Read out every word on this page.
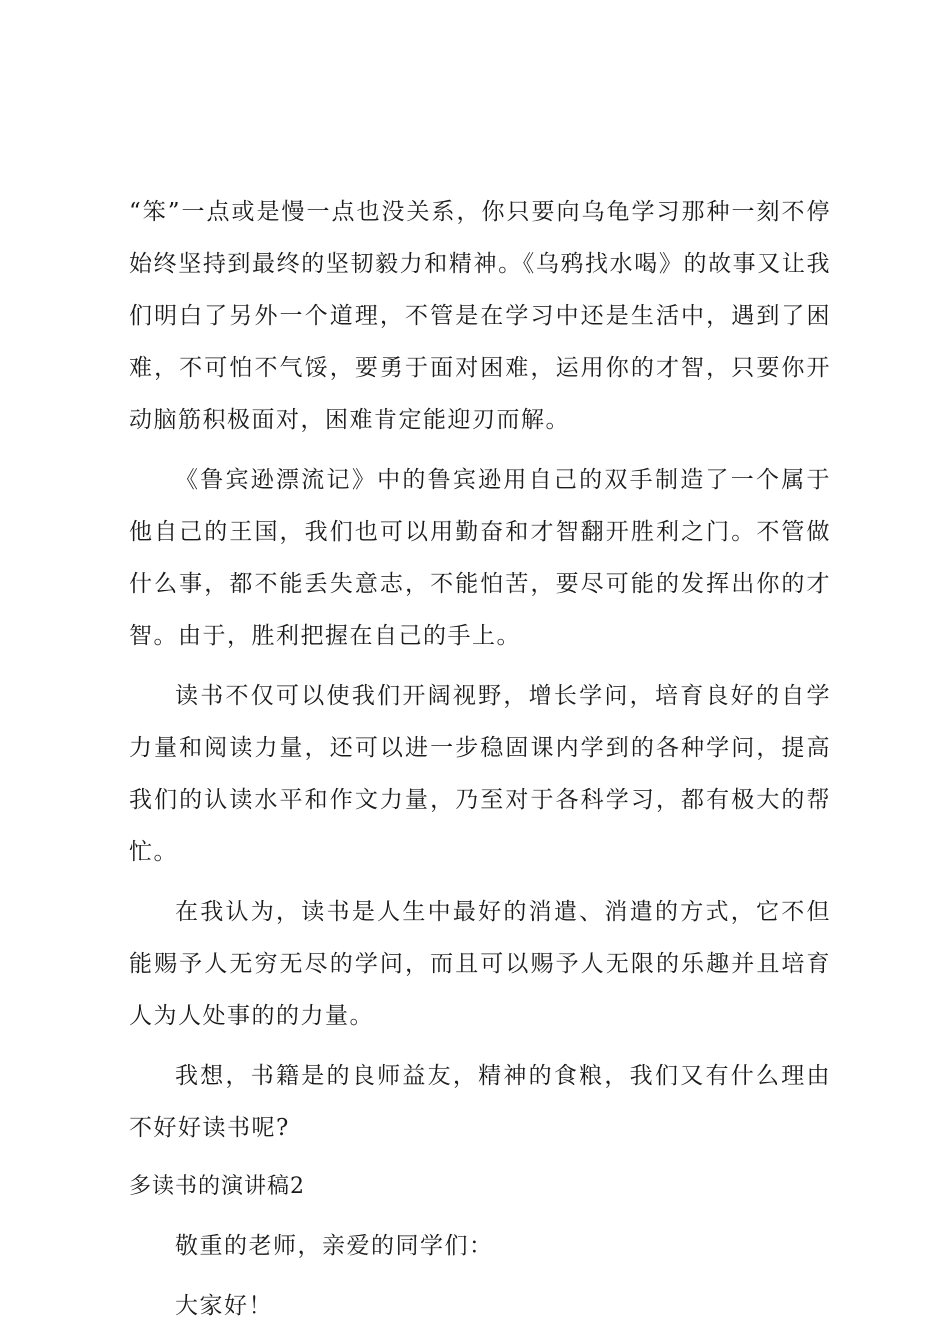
“笨”一点或是慢一点也没关系，你只要向乌龟学习那种一刻不停始终坚持到最终的坚韧毅力和精神。《乌鸦找水喝》的故事又让我们明白了另外一个道理，不管是在学习中还是生活中，遇到了困难，不可怕不气馁，要勇于面对困难，运用你的才智，只要你开动脑筋积极面对，困难肯定能迎刃而解。

《鲁宾逊漂流记》中的鲁宾逊用自己的双手制造了一个属于他自己的王国，我们也可以用勤奋和才智翻开胜利之门。不管做什么事，都不能丢失意志，不能怕苦，要尽可能的发挥出你的才智。由于，胜利把握在自己的手上。

读书不仅可以使我们开阔视野，增长学问，培育良好的自学力量和阅读力量，还可以进一步稳固课内学到的各种学问，提高我们的认读水平和作文力量，乃至对于各科学习，都有极大的帮忙。

在我认为，读书是人生中最好的消遣、消遣的方式，它不但能赐予人无穷无尽的学问，而且可以赐予人无限的乐趣并且培育人为人处事的的力量。

我想，书籍是的良师益友，精神的食粮，我们又有什么理由不好好读书呢?

多读书的演讲稿2

敬重的老师，亲爱的同学们：

大家好！
